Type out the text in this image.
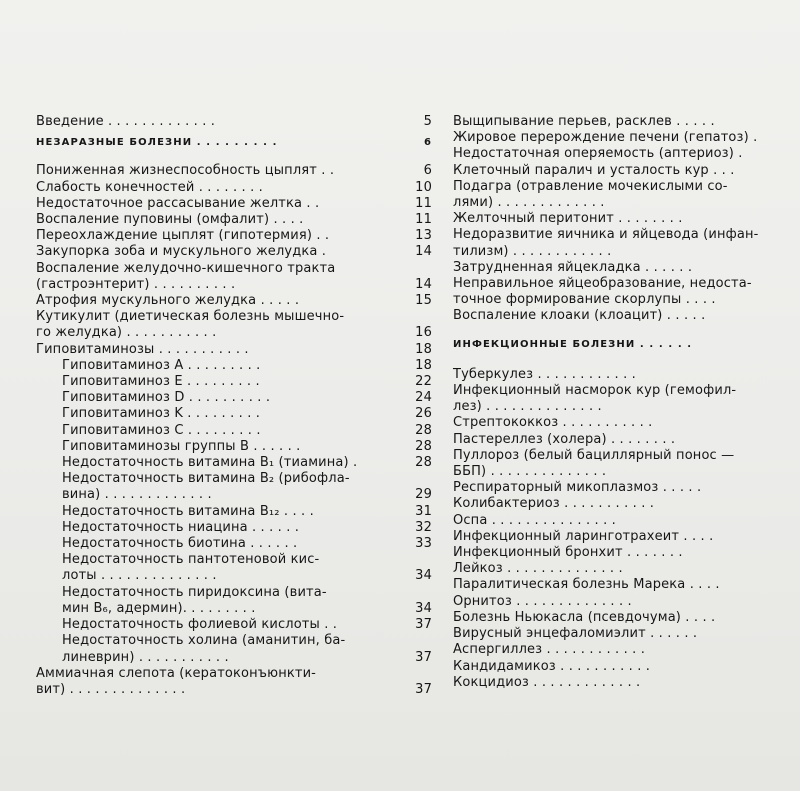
Введение . . . . . . . . . . . . .	5
НЕЗАРАЗНЫЕ БОЛЕЗНИ . . . . . . . . .	6
Пониженная жизнеспособность цыплят . .	6
Слабость конечностей . . . . . . . .	10
Недостаточное рассасывание желтка . .	11
Воспаление пуповины (омфалит) . . . .	11
Переохлаждение цыплят (гипотермия) . .	13
Закупорка зоба и мускульного желудка .	14
Воспаление желудочно-кишечного тракта
(гастроэнтерит) . . . . . . . . . .	14
Атрофия мускульного желудка . . . . .	15
Кутикулит (диетическая болезнь мышечно-
го желудка) . . . . . . . . . . .	16
Гиповитаминозы . . . . . . . . . . .	18
Гиповитаминоз A . . . . . . . . .	18
Гиповитаминоз E . . . . . . . . .	22
Гиповитаминоз D . . . . . . . . . .	24
Гиповитаминоз K . . . . . . . . .	26
Гиповитаминоз C . . . . . . . . .	28
Гиповитаминозы группы B . . . . . .	28
Недостаточность витамина B₁ (тиамина) .	28
Недостаточность витамина B₂ (рибофла-
вина) . . . . . . . . . . . . .	29
Недостаточность витамина B₁₂ . . . .	31
Недостаточность ниацина . . . . . .	32
Недостаточность биотина . . . . . .	33
Недостаточность пантотеновой кис-
лоты . . . . . . . . . . . . . .	34
Недостаточность пиридоксина (вита-
мин B₆, адермин). . . . . . . . .	34
Недостаточность фолиевой кислоты . .	37
Недостаточность холина (аманитин, ба-
линеврин) . . . . . . . . . . .	37
Аммиачная слепота (кератоконъюнкти-
вит) . . . . . . . . . . . . . .	37
Выщипывание перьев, расклев . . . . .
Жировое перерождение печени (гепатоз) .
Недостаточная оперяемость (аптериоз) .
Клеточный паралич и усталость кур . . .
Подагра (отравление мочекислыми со-
лями) . . . . . . . . . . . . .
Желточный перитонит . . . . . . . .
Недоразвитие яичника и яйцевода (инфан-
тилизм) . . . . . . . . . . . .
Затрудненная яйцекладка . . . . . .
Неправильное яйцеобразование, недоста-
точное формирование скорлупы . . . .
Воспаление клоаки (клоацит) . . . . .
ИНФЕКЦИОННЫЕ БОЛЕЗНИ . . . . . .
Туберкулез . . . . . . . . . . . .
Инфекционный насморок кур (гемофил-
лез) . . . . . . . . . . . . . .
Стрептококкоз . . . . . . . . . . .
Пастереллез (холера) . . . . . . . .
Пуллороз (белый бациллярный понос —
ББП) . . . . . . . . . . . . . .
Респираторный микоплазмоз . . . . .
Колибактериоз . . . . . . . . . . .
Оспа . . . . . . . . . . . . . . .
Инфекционный ларинготрахеит . . . .
Инфекционный бронхит . . . . . . .
Лейкоз . . . . . . . . . . . . . .
Паралитическая болезнь Марека . . . .
Орнитоз . . . . . . . . . . . . . .
Болезнь Ньюкасла (псевдочума) . . . .
Вирусный энцефаломиэлит . . . . . .
Аспергиллез . . . . . . . . . . . .
Кандидамикоз . . . . . . . . . . .
Кокцидиоз . . . . . . . . . . . . .
